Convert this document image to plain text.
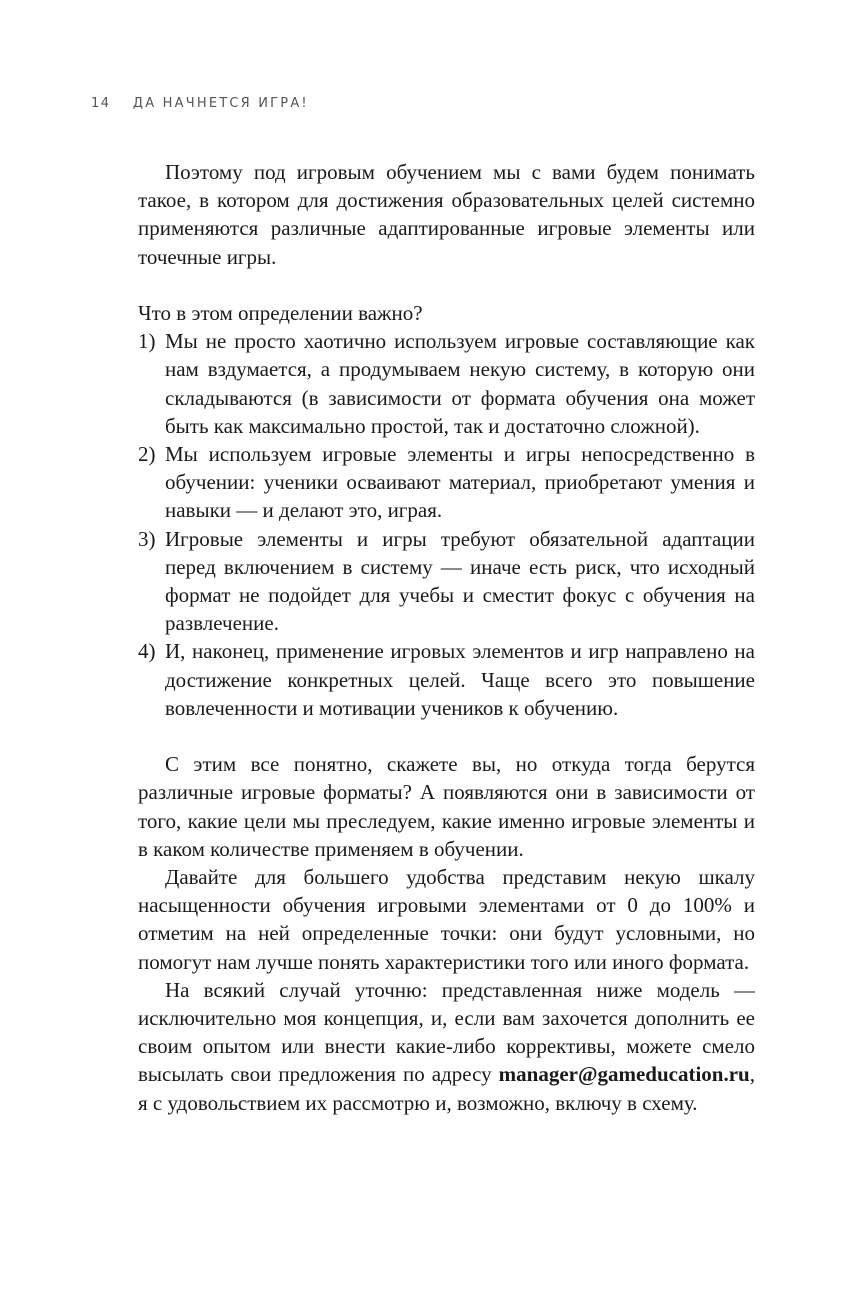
14 ДА НАЧНЕТСЯ ИГРА!

Поэтому под игровым обучением мы с вами будем понимать такое, в котором для достижения образовательных целей системно применяются различные адаптированные игровые элементы или точечные игры.

Что в этом определении важно?

1) Мы не просто хаотично используем игровые составляющие как нам вздумается, а продумываем некую систему, в которую они складываются (в зависимости от формата обучения она может быть как максимально простой, так и достаточно сложной).
2) Мы используем игровые элементы и игры непосредственно в обучении: ученики осваивают материал, приобретают умения и навыки — и делают это, играя.
3) Игровые элементы и игры требуют обязательной адаптации перед включением в систему — иначе есть риск, что исходный формат не подойдет для учебы и сместит фокус с обучения на развлечение.
4) И, наконец, применение игровых элементов и игр направлено на достижение конкретных целей. Чаще всего это повышение вовлеченности и мотивации учеников к обучению.

С этим все понятно, скажете вы, но откуда тогда берутся различные игровые форматы? А появляются они в зависимости от того, какие цели мы преследуем, какие именно игровые элементы и в каком количестве применяем в обучении.

Давайте для большего удобства представим некую шкалу насыщенности обучения игровыми элементами от 0 до 100% и отметим на ней определенные точки: они будут условными, но помогут нам лучше понять характеристики того или иного формата.

На всякий случай уточню: представленная ниже модель — исключительно моя концепция, и, если вам захочется дополнить ее своим опытом или внести какие-либо коррективы, можете смело высылать свои предложения по адресу manager@gameducation.ru, я с удовольствием их рассмотрю и, возможно, включу в схему.
